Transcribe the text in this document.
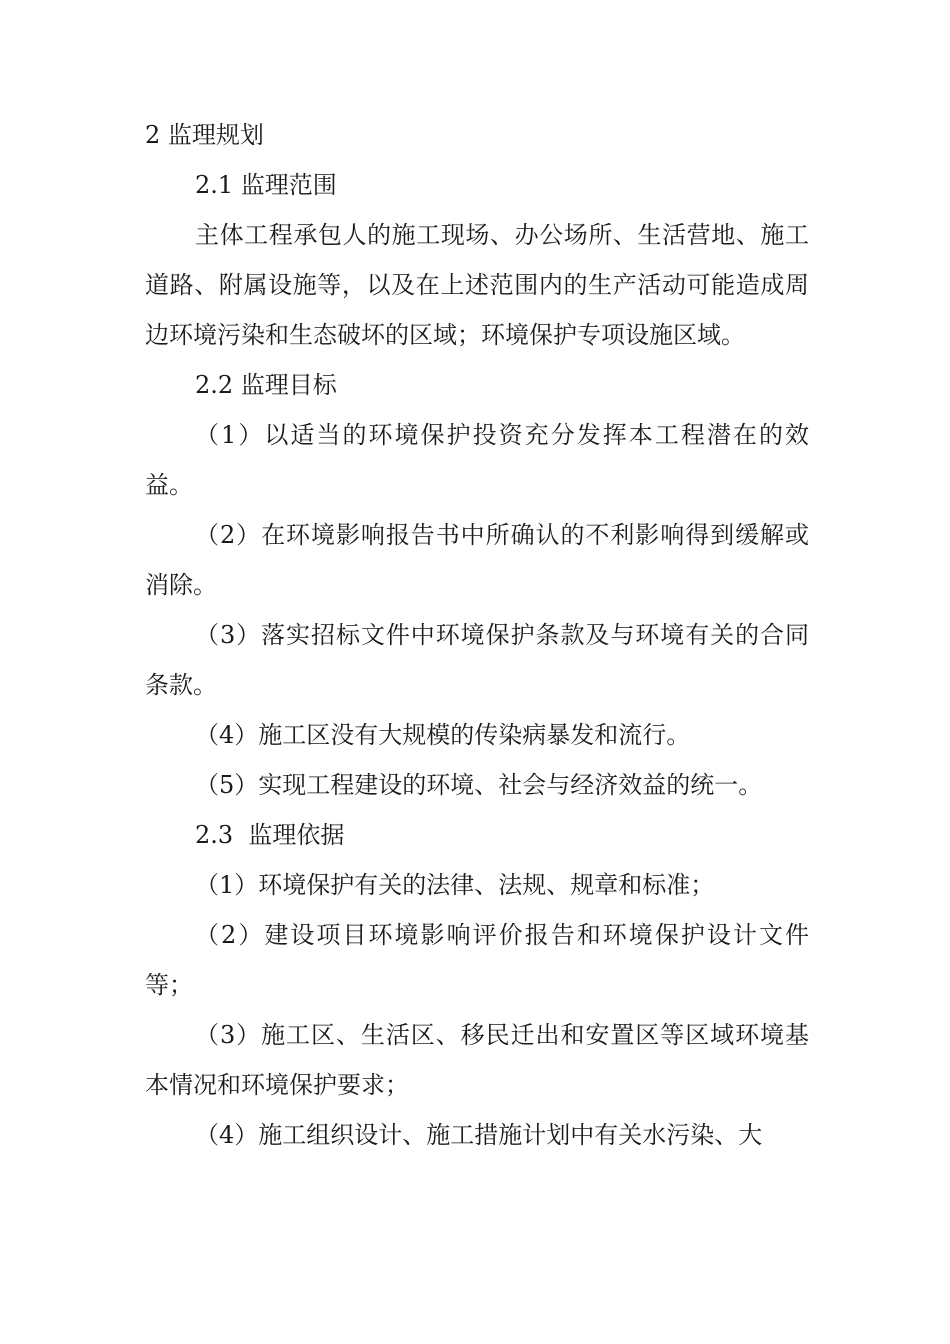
2 监理规划

2.1 监理范围

主体工程承包人的施工现场、办公场所、生活营地、施工道路、附属设施等，以及在上述范围内的生产活动可能造成周边环境污染和生态破坏的区域；环境保护专项设施区域。

2.2 监理目标

（1）以适当的环境保护投资充分发挥本工程潜在的效益。

（2）在环境影响报告书中所确认的不利影响得到缓解或消除。

（3）落实招标文件中环境保护条款及与环境有关的合同条款。

（4）施工区没有大规模的传染病暴发和流行。

（5）实现工程建设的环境、社会与经济效益的统一。

2.3  监理依据

（1）环境保护有关的法律、法规、规章和标准；

（2）建设项目环境影响评价报告和环境保护设计文件等；

（3）施工区、生活区、移民迁出和安置区等区域环境基本情况和环境保护要求；

（4）施工组织设计、施工措施计划中有关水污染、大
